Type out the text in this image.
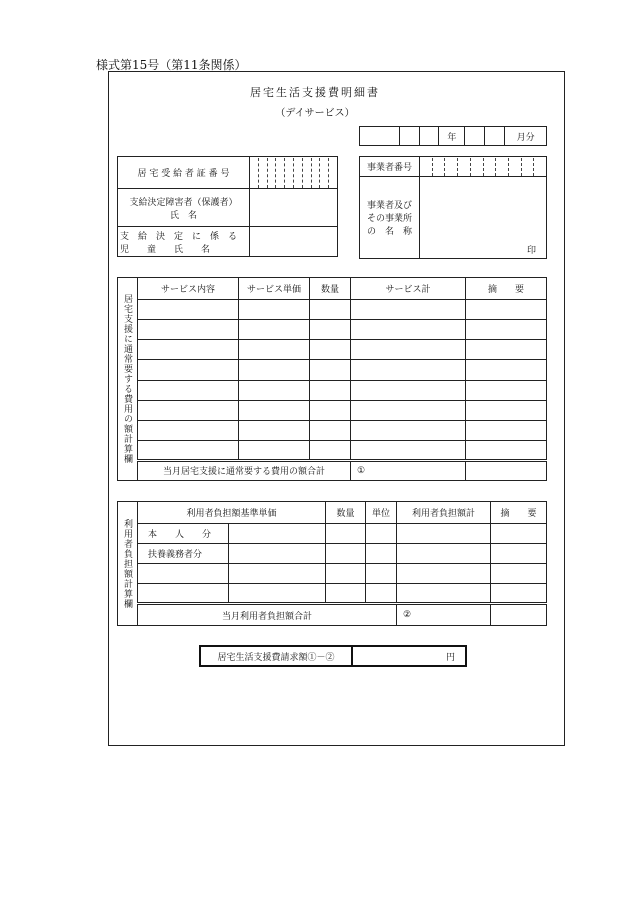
様式第15号（第11条関係）
居宅生活支援費明細書
（デイサービス）
			年			月分
居 宅 受 給 者 証 番 号	

支給決定障害者（保護者）
氏　名	

支　給　決　定　に　係　る
児　　童　　氏　　名	

事業者番号	

事業者及び
その事業所
の　名　称	印
居宅支援に通常要する費用の額計算欄	サービス内容	サービス単価	数量	サービス計	摘　　要

	当月居宅支援に通常要する費用の額合計			①	
利用者負担額計算欄	利用者負担額基準単価		数量	単位	利用者負担額計	摘　　要
	本　　人　　分					
	扶養義務者分					

	当月利用者負担額合計				②	
居宅生活支援費請求額①－②	円
